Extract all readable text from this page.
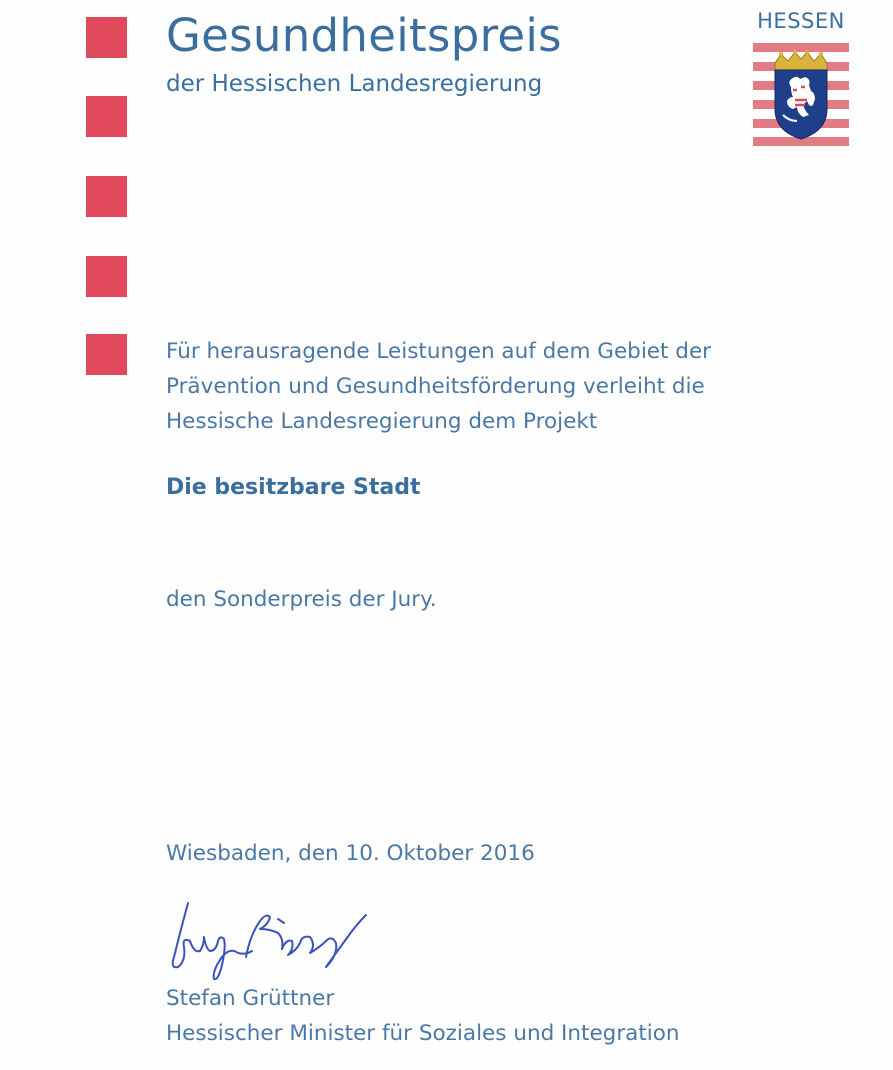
Gesundheitspreis
der Hessischen Landesregierung
HESSEN
Für herausragende Leistungen auf dem Gebiet der
Prävention und Gesundheitsförderung verleiht die
Hessische Landesregierung dem Projekt
Die besitzbare Stadt
den Sonderpreis der Jury.
Wiesbaden, den 10. Oktober 2016
Stefan Grüttner
Hessischer Minister für Soziales und Integration
